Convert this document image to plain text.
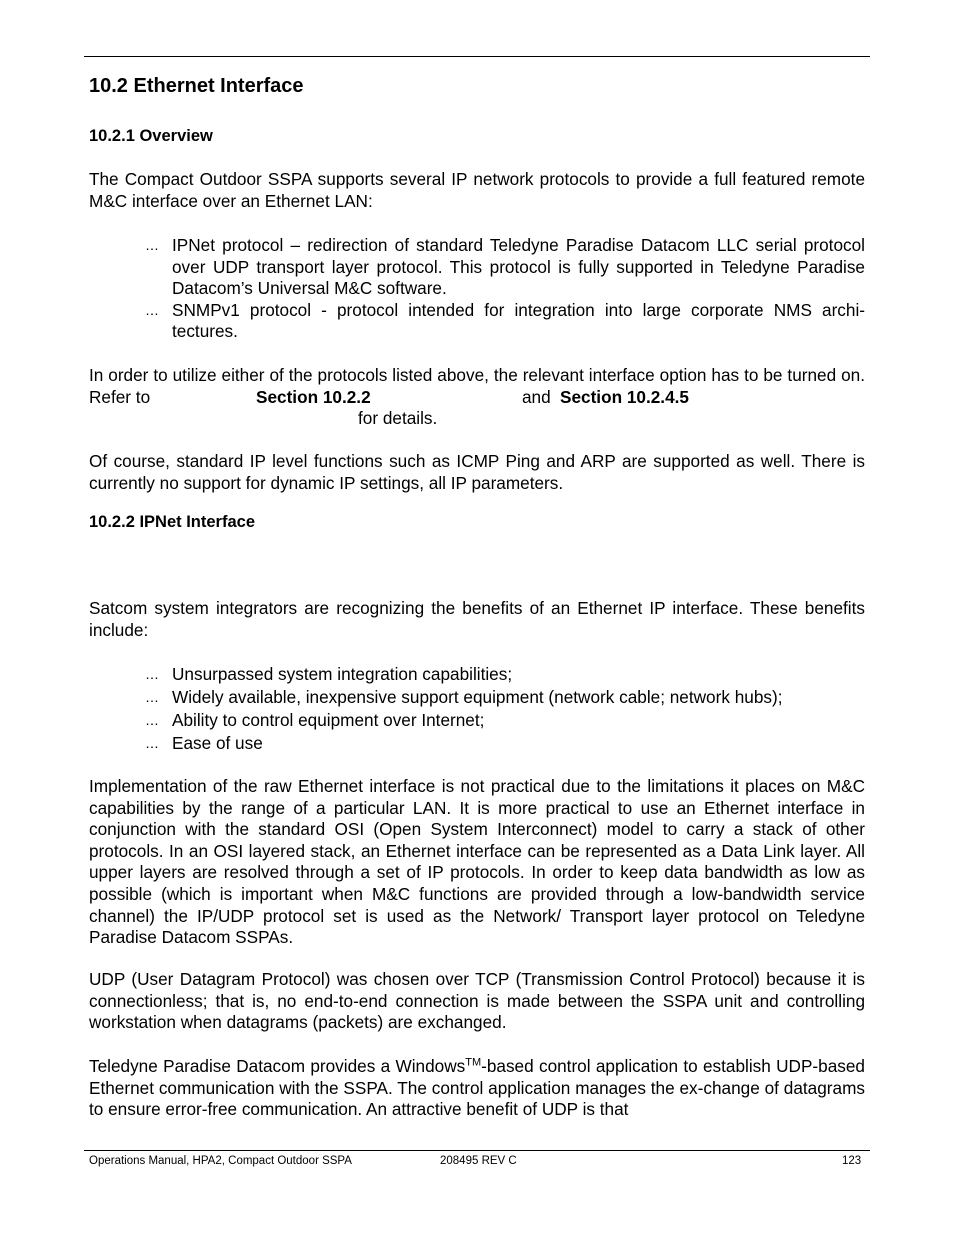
10.2 Ethernet Interface
10.2.1 Overview

The Compact Outdoor SSPA supports several IP network protocols to provide a full featured remote M&C interface over an Ethernet LAN:

… IPNet protocol – redirection of standard Teledyne Paradise Datacom LLC serial protocol over UDP transport layer protocol. This protocol is fully supported in Teledyne Paradise Datacom’s Universal M&C software.
… SNMPv1 protocol - protocol intended for integration into large corporate NMS archi-tectures.

In order to utilize either of the protocols listed above, the relevant interface option has to be turned on. Refer to	Section 10.2.2	and Section 10.2.4.5
for details.

Of course, standard IP level functions such as ICMP Ping and ARP are supported as well. There is currently no support for dynamic IP settings, all IP parameters.

10.2.2 IPNet Interface

Satcom system integrators are recognizing the benefits of an Ethernet IP interface. These benefits include:

… Unsurpassed system integration capabilities;
… Widely available, inexpensive support equipment (network cable; network hubs);
… Ability to control equipment over Internet;
… Ease of use

Implementation of the raw Ethernet interface is not practical due to the limitations it places on M&C capabilities by the range of a particular LAN. It is more practical to use an Ethernet interface in conjunction with the standard OSI (Open System Interconnect) model to carry a stack of other protocols. In an OSI layered stack, an Ethernet interface can be represented as a Data Link layer. All upper layers are resolved through a set of IP protocols. In order to keep data bandwidth as low as possible (which is important when M&C functions are provided through a low-bandwidth service channel) the IP/UDP protocol set is used as the Network/ Transport layer protocol on Teledyne Paradise Datacom SSPAs.

UDP (User Datagram Protocol) was chosen over TCP (Transmission Control Protocol) because it is connectionless; that is, no end-to-end connection is made between the SSPA unit and controlling workstation when datagrams (packets) are exchanged.

Teledyne Paradise Datacom provides a Windows™-based control application to establish UDP-based Ethernet communication with the SSPA. The control application manages the ex-change of datagrams to ensure error-free communication. An attractive benefit of UDP is that

Operations Manual, HPA2, Compact Outdoor SSPA	208495 REV C	123
